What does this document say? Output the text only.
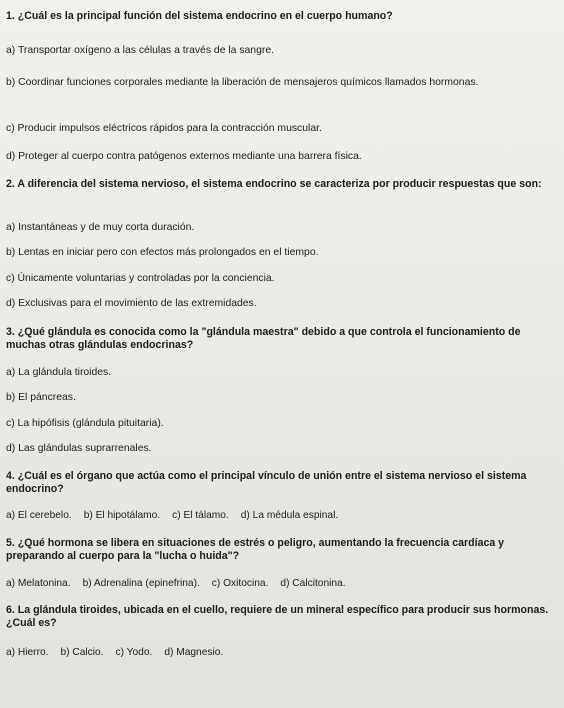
1. ¿Cuál es la principal función del sistema endocrino en el cuerpo humano?
a) Transportar oxígeno a las células a través de la sangre.
b) Coordinar funciones corporales mediante la liberación de mensajeros químicos llamados hormonas.
c) Producir impulsos eléctricos rápidos para la contracción muscular.
d) Proteger al cuerpo contra patógenos externos mediante una barrera física.
2. A diferencia del sistema nervioso, el sistema endocrino se caracteriza por producir respuestas que son:
a) Instantáneas y de muy corta duración.
b) Lentas en iniciar pero con efectos más prolongados en el tiempo.
c) Únicamente voluntarias y controladas por la conciencia.
d) Exclusivas para el movimiento de las extremidades.
3. ¿Qué glándula es conocida como la "glándula maestra" debido a que controla el funcionamiento de muchas otras glándulas endocrinas?
a) La glándula tiroides.
b) El páncreas.
c) La hipófisis (glándula pituitaria).
d) Las glándulas suprarrenales.
4. ¿Cuál es el órgano que actúa como el principal vínculo de unión entre el sistema nervioso el sistema endocrino?
a) El cerebelo. b) El hipotálamo. c) El tálamo. d) La médula espinal.
5. ¿Qué hormona se libera en situaciones de estrés o peligro, aumentando la frecuencia cardíaca y preparando al cuerpo para la "lucha o huida"?
a) Melatonina. b) Adrenalina (epinefrina). c) Oxitocina. d) Calcitonina.
6. La glándula tiroides, ubicada en el cuello, requiere de un mineral específico para producir sus hormonas. ¿Cuál es?
a) Hierro. b) Calcio. c) Yodo. d) Magnesio.
